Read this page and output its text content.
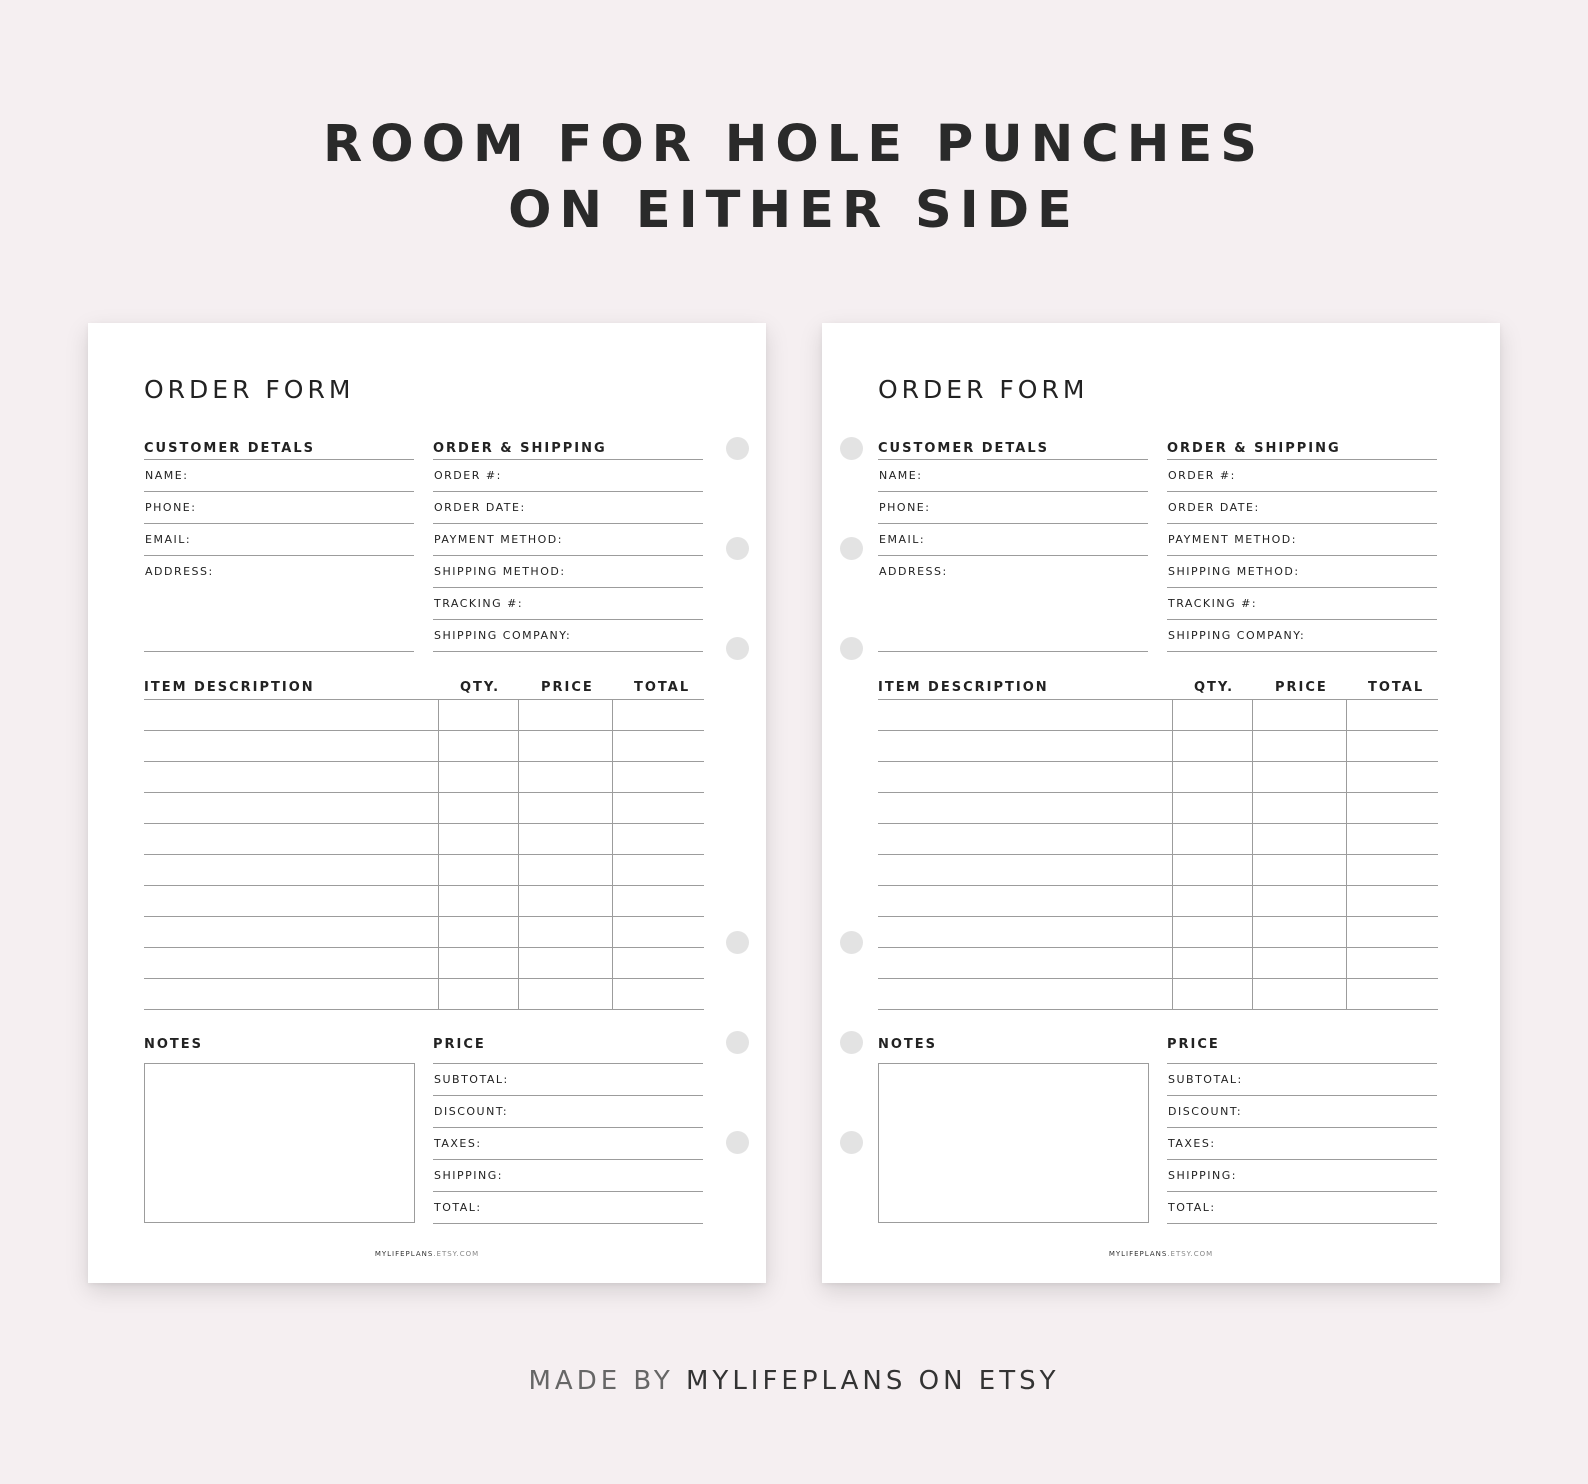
ROOM FOR HOLE PUNCHES
ON EITHER SIDE
ORDER FORM
CUSTOMER DETALS	ORDER & SHIPPING
NAME:
PHONE:
EMAIL:
ADDRESS:
ORDER #:
ORDER DATE:
PAYMENT METHOD:
SHIPPING METHOD:
TRACKING #:
SHIPPING COMPANY:
ITEM DESCRIPTION	QTY.	PRICE	TOTAL
NOTES	PRICE
SUBTOTAL:
DISCOUNT:
TAXES:
SHIPPING:
TOTAL:
MYLIFEPLANS.ETSY.COM
ORDER FORM
CUSTOMER DETALS	ORDER & SHIPPING
NAME:
PHONE:
EMAIL:
ADDRESS:
ORDER #:
ORDER DATE:
PAYMENT METHOD:
SHIPPING METHOD:
TRACKING #:
SHIPPING COMPANY:
ITEM DESCRIPTION	QTY.	PRICE	TOTAL
NOTES	PRICE
SUBTOTAL:
DISCOUNT:
TAXES:
SHIPPING:
TOTAL:
MYLIFEPLANS.ETSY.COM
MADE BY MYLIFEPLANS ON ETSY
